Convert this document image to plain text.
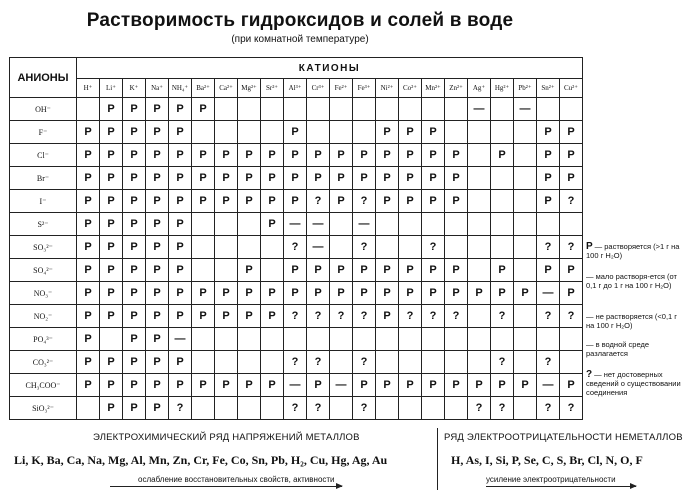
Растворимость гидроксидов и солей в воде
(при комнатной температуре)
АНИОНЫ	КАТИОНЫ																					
	H⁺	Li⁺	K⁺	Na⁺	NH₄⁺	Ba²⁺	Ca²⁺	Mg²⁺	Sr²⁺	Al³⁺	Cr³⁺	Fe²⁺	Fe³⁺	Ni²⁺	Co²⁺	Mn²⁺	Zn²⁺	Ag⁺	Hg²⁺	Pb²⁺	Sn²⁺	Cu²⁺
OH⁻		Р	Р	Р	Р	Р												—		—		
F⁻	Р	Р	Р	Р	Р					Р				Р	Р	Р					Р	Р
Cl⁻	Р	Р	Р	Р	Р	Р	Р	Р	Р	Р	Р	Р	Р	Р	Р	Р	Р		Р		Р	Р
Br⁻	Р	Р	Р	Р	Р	Р	Р	Р	Р	Р	Р	Р	Р	Р	Р	Р	Р				Р	Р
I⁻	Р	Р	Р	Р	Р	Р	Р	Р	Р	Р	?	Р	?	Р	Р	Р	Р				Р	?
S²⁻	Р	Р	Р	Р	Р				Р	—	—		—									
SO₃²⁻	Р	Р	Р	Р	Р					?	—		?			?					?	?
SO₄²⁻	Р	Р	Р	Р	Р			Р		Р	Р	Р	Р	Р	Р	Р	Р		Р		Р	Р
NO₃⁻	Р	Р	Р	Р	Р	Р	Р	Р	Р	Р	Р	Р	Р	Р	Р	Р	Р	Р	Р	Р	—	Р
NO₂⁻	Р	Р	Р	Р	Р	Р	Р	Р	Р	?	?	?	?	Р	?	?	?		?		?	?
PO₄³⁻	Р		Р	Р	—																	
CO₃²⁻	Р	Р	Р	Р	Р					?	?		?						?		?	
CH₃COO⁻	Р	Р	Р	Р	Р	Р	Р	Р	Р	—	Р	—	Р	Р	Р	Р	Р	Р	Р	Р	—	Р
SiO₃²⁻		Р	Р	Р	?					?	?		?					?	?		?	?
Р — растворяется (>1 г на 100 г H₂O)
— мало растворя-ется (от 0,1 г до 1 г на 100 г H₂O)
— не растворяется (<0,1 г на 100 г H₂O)
— в водной среде разлагается
? — нет достоверных сведений о существовании соединения
ЭЛЕКТРОХИМИЧЕСКИЙ РЯД НАПРЯЖЕНИЙ МЕТАЛЛОВ
Li, K, Ba, Ca, Na, Mg, Al, Mn, Zn, Cr, Fe, Co, Sn, Pb, H₂, Cu, Hg, Ag, Au
ослабление восстановительных свойств, активности
РЯД ЭЛЕКТРООТРИЦАТЕЛЬНОСТИ НЕМЕТАЛЛОВ
H, As, I, Si, P, Se, C, S, Br, Cl, N, O, F
усиление электроотрицательности
